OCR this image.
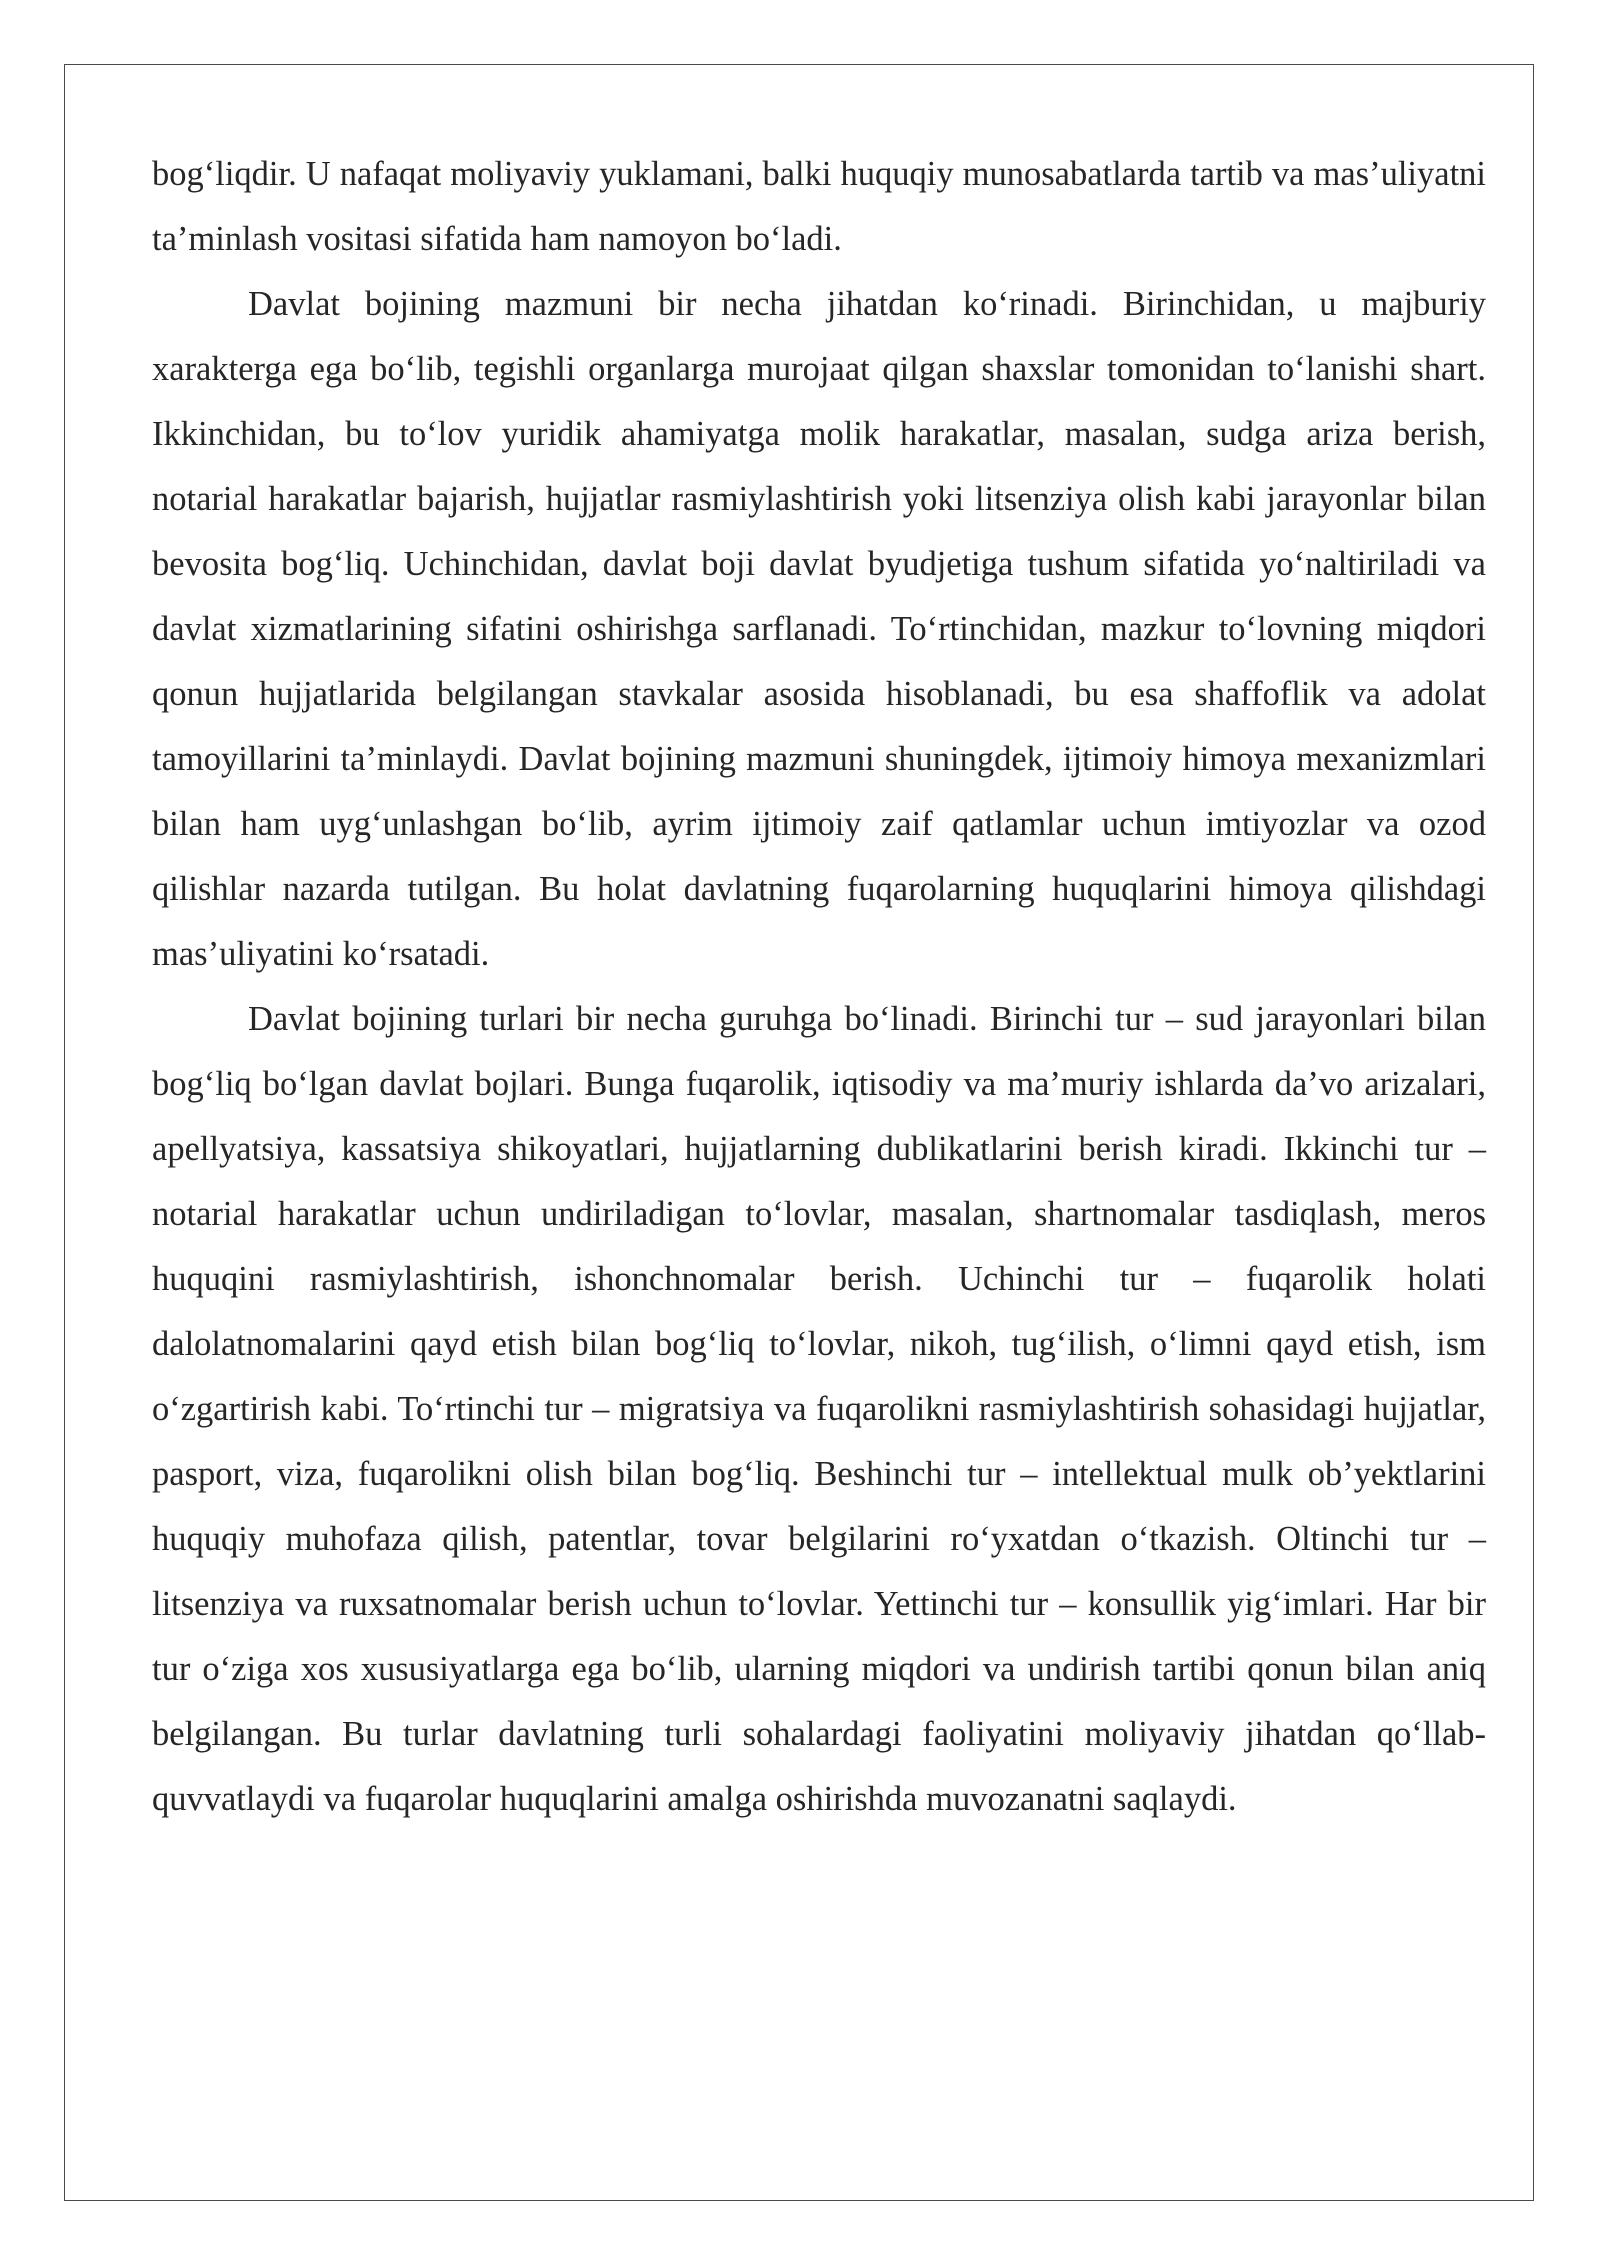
bog‘liqdir. U nafaqat moliyaviy yuklamani, balki huquqiy munosabatlarda tartib va mas’uliyatni ta’minlash vositasi sifatida ham namoyon bo‘ladi.

Davlat bojining mazmuni bir necha jihatdan ko‘rinadi. Birinchidan, u majburiy xarakterga ega bo‘lib, tegishli organlarga murojaat qilgan shaxslar tomonidan to‘lanishi shart. Ikkinchidan, bu to‘lov yuridik ahamiyatga molik harakatlar, masalan, sudga ariza berish, notarial harakatlar bajarish, hujjatlar rasmiylashtirish yoki litsenziya olish kabi jarayonlar bilan bevosita bog‘liq. Uchinchidan, davlat boji davlat byudjetiga tushum sifatida yo‘naltiriladi va davlat xizmatlarining sifatini oshirishga sarflanadi. To‘rtinchidan, mazkur to‘lovning miqdori qonun hujjatlarida belgilangan stavkalar asosida hisoblanadi, bu esa shaffoflik va adolat tamoyillarini ta’minlaydi. Davlat bojining mazmuni shuningdek, ijtimoiy himoya mexanizmlari bilan ham uyg‘unlashgan bo‘lib, ayrim ijtimoiy zaif qatlamlar uchun imtiyozlar va ozod qilishlar nazarda tutilgan. Bu holat davlatning fuqarolarning huquqlarini himoya qilishdagi mas’uliyatini ko‘rsatadi.

Davlat bojining turlari bir necha guruhga bo‘linadi. Birinchi tur – sud jarayonlari bilan bog‘liq bo‘lgan davlat bojlari. Bunga fuqarolik, iqtisodiy va ma’muriy ishlarda da’vo arizalari, apellyatsiya, kassatsiya shikoyatlari, hujjatlarning dublikatlarini berish kiradi. Ikkinchi tur – notarial harakatlar uchun undiriladigan to‘lovlar, masalan, shartnomalar tasdiqlash, meros huquqini rasmiylashtirish, ishonchnomalar berish. Uchinchi tur – fuqarolik holati dalolatnomalarini qayd etish bilan bog‘liq to‘lovlar, nikoh, tug‘ilish, o‘limni qayd etish, ism o‘zgartirish kabi. To‘rtinchi tur – migratsiya va fuqarolikni rasmiylashtirish sohasidagi hujjatlar, pasport, viza, fuqarolikni olish bilan bog‘liq. Beshinchi tur – intellektual mulk ob’yektlarini huquqiy muhofaza qilish, patentlar, tovar belgilarini ro‘yxatdan o‘tkazish. Oltinchi tur – litsenziya va ruxsatnomalar berish uchun to‘lovlar. Yettinchi tur – konsullik yig‘imlari. Har bir tur o‘ziga xos xususiyatlarga ega bo‘lib, ularning miqdori va undirish tartibi qonun bilan aniq belgilangan. Bu turlar davlatning turli sohalardagi faoliyatini moliyaviy jihatdan qo‘llab-quvvatlaydi va fuqarolar huquqlarini amalga oshirishda muvozanatni saqlaydi.
